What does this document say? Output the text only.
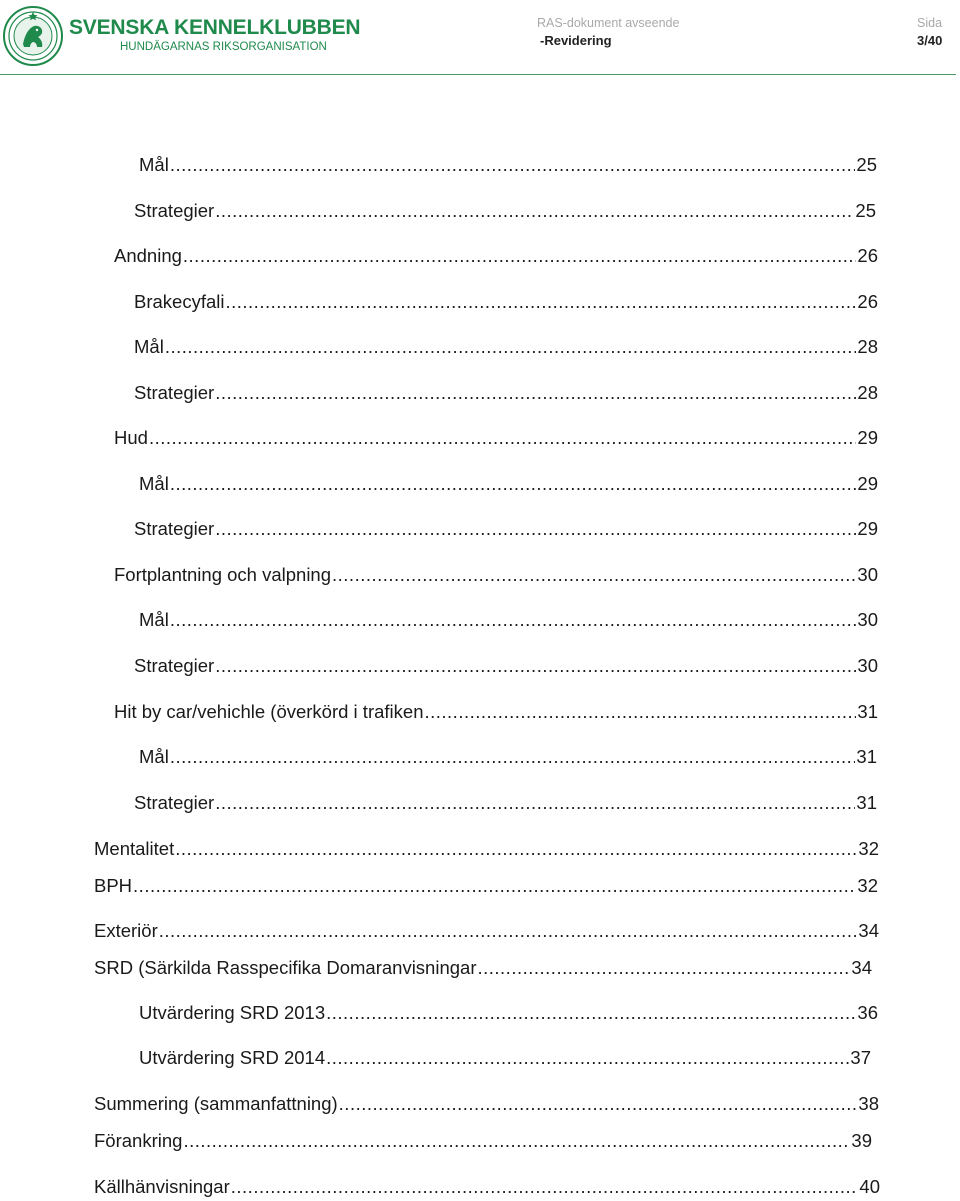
SVENSKA KENNELKLUBBEN
HUNDÄGARNAS RIKSORGANISATION
RAS-dokument avseende
-Revidering
Sida
3/40
Mål .....	25
Strategier .....	25
Andning .....	26
Brakecyfali .....	26
Mål .....	28
Strategier .....	28
Hud .....	29
Mål .....	29
Strategier .....	29
Fortplantning och valpning .....	30
Mål .....	30
Strategier .....	30
Hit by car/vehichle (överkörd i trafiken .....	31
Mål .....	31
Strategier .....	31
Mentalitet .....	32
BPH .....	32
Exteriör .....	34
SRD (Särkilda Rasspecifika Domaranvisningar .....	34
Utvärdering SRD 2013 .....	36
Utvärdering SRD 2014 .....	37
Summering (sammanfattning) .....	38
Förankring .....	39
Källhänvisningar .....	40
